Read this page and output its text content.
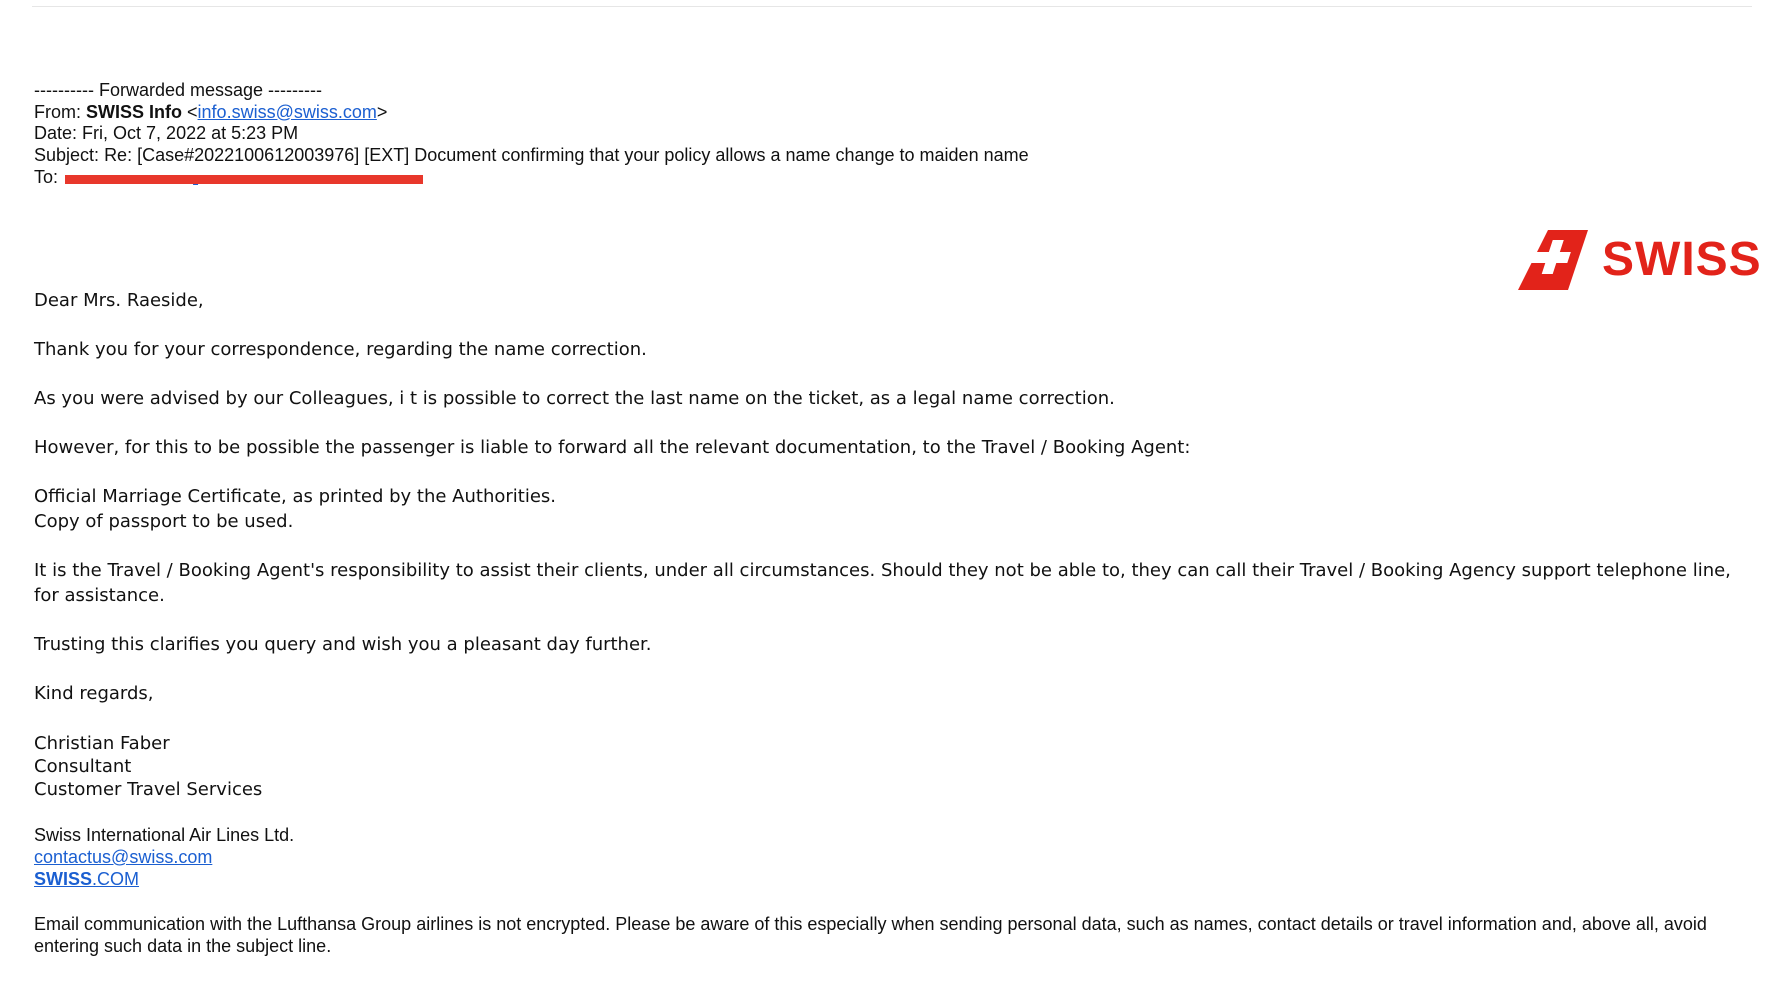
---------- Forwarded message ---------
From: SWISS Info <info.swiss@swiss.com>
Date: Fri, Oct 7, 2022 at 5:23 PM
Subject: Re: [Case#2022100612003976] [EXT] Document confirming that your policy allows a name change to maiden name
To:
SWISS

Dear Mrs. Raeside,

Thank you for your correspondence, regarding the name correction.

As you were advised by our Colleagues, i t is possible to correct the last name on the ticket, as a legal name correction.

However, for this to be possible the passenger is liable to forward all the relevant documentation, to the Travel / Booking Agent:

Official Marriage Certificate, as printed by the Authorities.

Copy of passport to be used.

It is the Travel / Booking Agent's responsibility to assist their clients, under all circumstances. Should they not be able to, they can call their Travel / Booking Agency support telephone line, for assistance.

Trusting this clarifies you query and wish you a pleasant day further.

Kind regards,

Christian Faber
Consultant
Customer Travel Services
Swiss International Air Lines Ltd.
contactus@swiss.com
SWISS.COM
Email communication with the Lufthansa Group airlines is not encrypted. Please be aware of this especially when sending personal data, such as names, contact details or travel information and, above all, avoid entering such data in the subject line.
